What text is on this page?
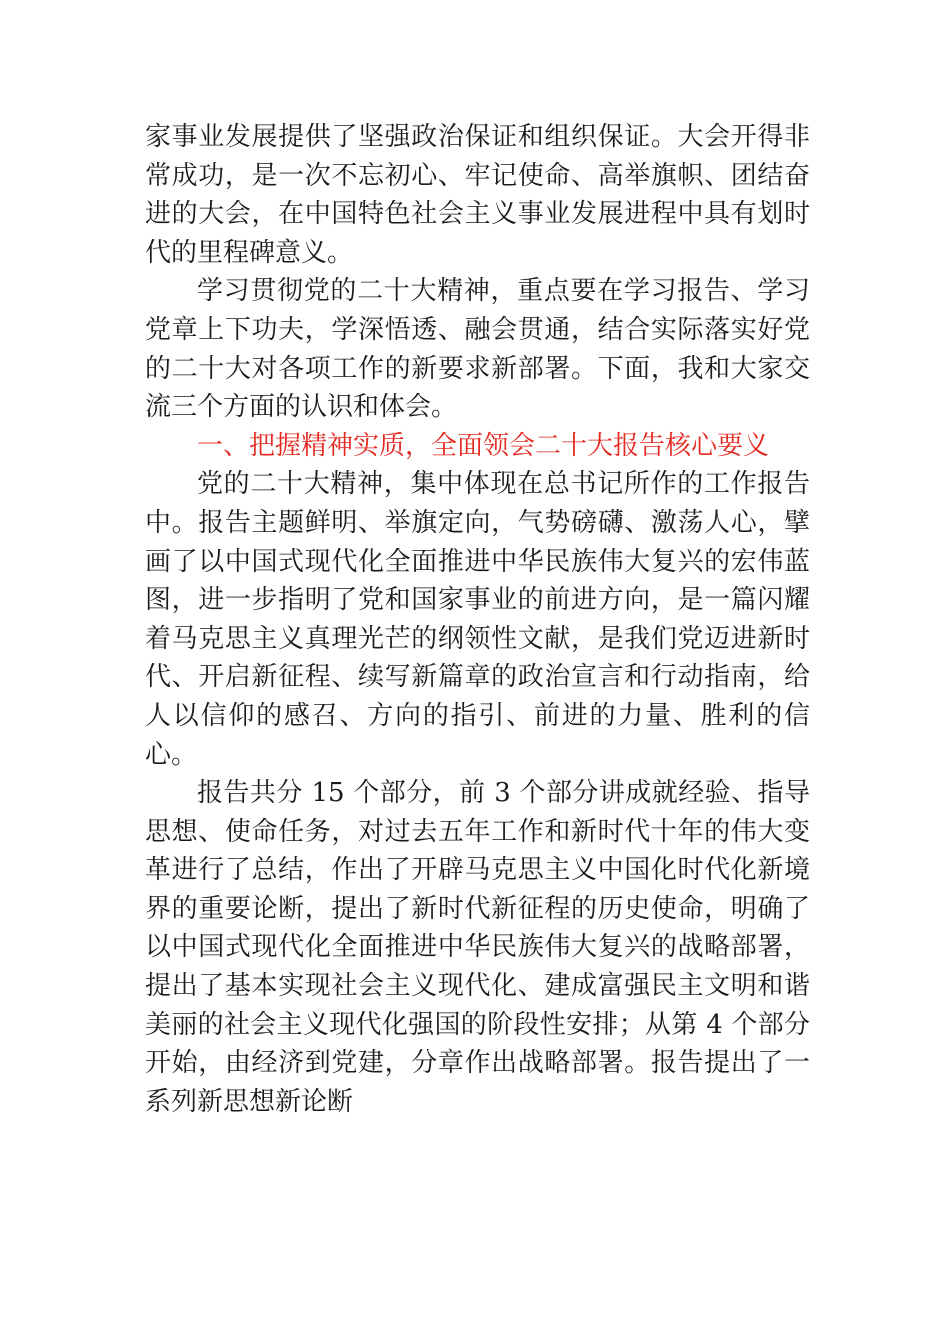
家事业发展提供了坚强政治保证和组织保证。大会开得非常成功，是一次不忘初心、牢记使命、高举旗帜、团结奋进的大会，在中国特色社会主义事业发展进程中具有划时代的里程碑意义。

学习贯彻党的二十大精神，重点要在学习报告、学习党章上下功夫，学深悟透、融会贯通，结合实际落实好党的二十大对各项工作的新要求新部署。下面，我和大家交流三个方面的认识和体会。

一、把握精神实质，全面领会二十大报告核心要义

党的二十大精神，集中体现在总书记所作的工作报告中。报告主题鲜明、举旗定向，气势磅礴、激荡人心，擘画了以中国式现代化全面推进中华民族伟大复兴的宏伟蓝图，进一步指明了党和国家事业的前进方向，是一篇闪耀着马克思主义真理光芒的纲领性文献，是我们党迈进新时代、开启新征程、续写新篇章的政治宣言和行动指南，给人以信仰的感召、方向的指引、前进的力量、胜利的信心。

报告共分 15 个部分，前 3 个部分讲成就经验、指导思想、使命任务，对过去五年工作和新时代十年的伟大变革进行了总结，作出了开辟马克思主义中国化时代化新境界的重要论断，提出了新时代新征程的历史使命，明确了以中国式现代化全面推进中华民族伟大复兴的战略部署，提出了基本实现社会主义现代化、建成富强民主文明和谐美丽的社会主义现代化强国的阶段性安排；从第 4 个部分开始，由经济到党建，分章作出战略部署。报告提出了一系列新思想新论断
